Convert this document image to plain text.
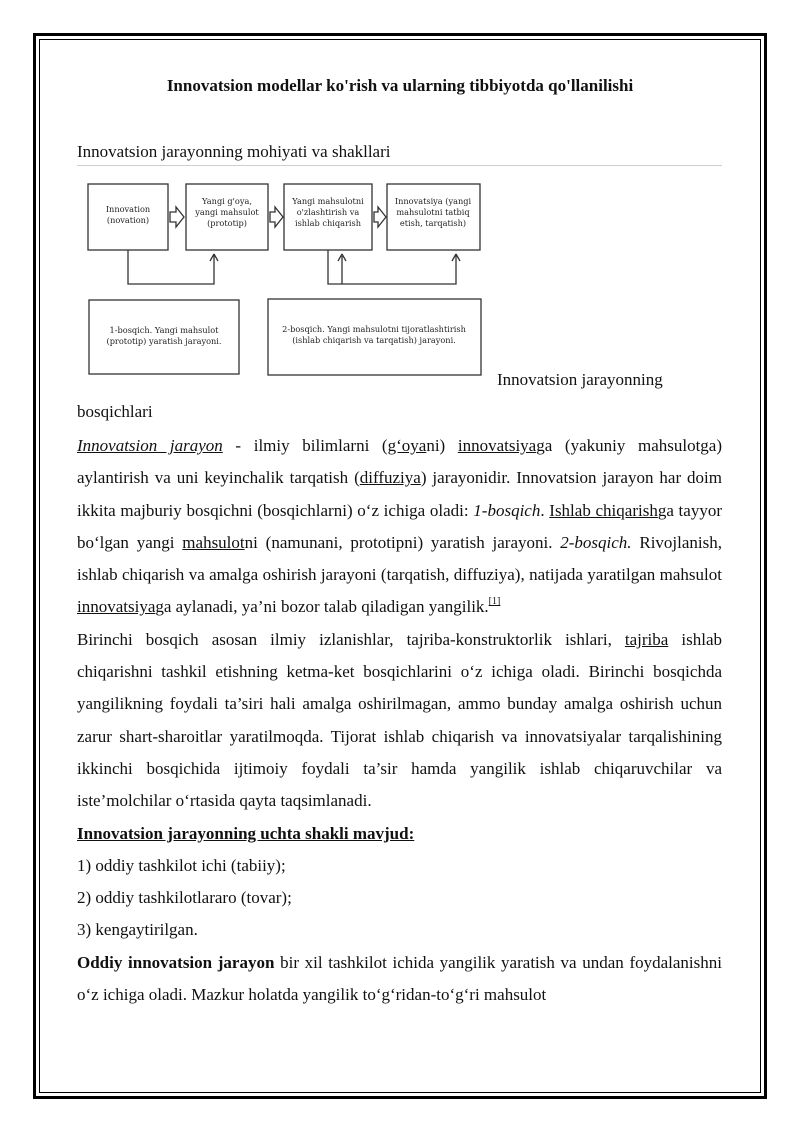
Innovatsion modellar ko'rish va ularning tibbiyotda qo'llanilishi
Innovatsion jarayonning mohiyati va shakllari
Innovation
(novation)
Yangi g'oya,
yangi mahsulot
(prototip)
Yangi mahsulotni
o'zlashtirish va
ishlab chiqarish
Innovatsiya (yangi
mahsulotni tatbiq
etish, tarqatish)
1-bosqich. Yangi mahsulot
(prototip) yaratish jarayoni.
2-bosqich. Yangi mahsulotni tijoratlashtirish
(ishlab chiqarish va tarqatish) jarayoni.
Innovatsion jarayonning
bosqichlari

Innovatsion jarayon - ilmiy bilimlarni (g‘oyani) innovatsiyaga (yakuniy mahsulotga) aylantirish va uni keyinchalik tarqatish (diffuziya) jarayonidir. Innovatsion jarayon har doim ikkita majburiy bosqichni (bosqichlarni) o‘z ichiga oladi: 1-bosqich. Ishlab chiqarishga tayyor bo‘lgan yangi mahsulotni (namunani, prototipni) yaratish jarayoni. 2-bosqich. Rivojlanish, ishlab chiqarish va amalga oshirish jarayoni (tarqatish, diffuziya), natijada yaratilgan mahsulot innovatsiyaga aylanadi, ya’ni bozor talab qiladigan yangilik.[1]

Birinchi bosqich asosan ilmiy izlanishlar, tajriba-konstruktorlik ishlari, tajriba ishlab chiqarishni tashkil etishning ketma-ket bosqichlarini o‘z ichiga oladi. Birinchi bosqichda yangilikning foydali ta’siri hali amalga oshirilmagan, ammo bunday amalga oshirish uchun zarur shart-sharoitlar yaratilmoqda. Tijorat ishlab chiqarish va innovatsiyalar tarqalishining ikkinchi bosqichida ijtimoiy foydali ta’sir hamda yangilik ishlab chiqaruvchilar va iste’molchilar o‘rtasida qayta taqsimlanadi.

Innovatsion jarayonning uchta shakli mavjud:

1) oddiy tashkilot ichi (tabiiy);

2) oddiy tashkilotlararo (tovar);

3) kengaytirilgan.

Oddiy innovatsion jarayon bir xil tashkilot ichida yangilik yaratish va undan foydalanishni o‘z ichiga oladi. Mazkur holatda yangilik to‘g‘ridan-to‘g‘ri mahsulot
